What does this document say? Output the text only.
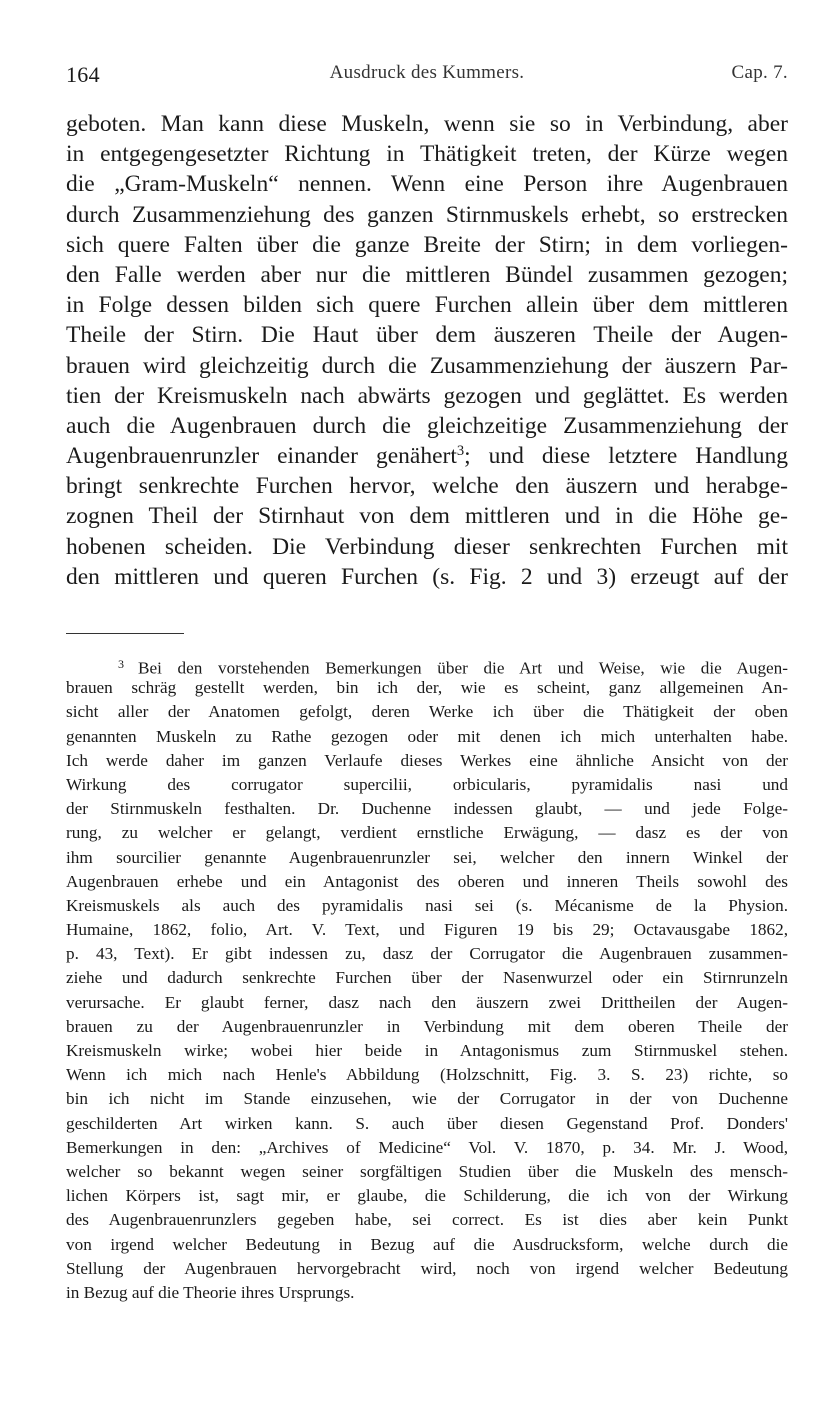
164	Ausdruck des Kummers.	Cap. 7.
geboten. Man kann diese Muskeln, wenn sie so in Verbindung, aber
in entgegengesetzter Richtung in Thätigkeit treten, der Kürze wegen
die „Gram-Muskeln“ nennen. Wenn eine Person ihre Augenbrauen
durch Zusammenziehung des ganzen Stirnmuskels erhebt, so erstrecken
sich quere Falten über die ganze Breite der Stirn; in dem vorliegen-
den Falle werden aber nur die mittleren Bündel zusammen gezogen;
in Folge dessen bilden sich quere Furchen allein über dem mittleren
Theile der Stirn. Die Haut über dem äuszeren Theile der Augen-
brauen wird gleichzeitig durch die Zusammenziehung der äuszern Par-
tien der Kreismuskeln nach abwärts gezogen und geglättet. Es werden
auch die Augenbrauen durch die gleichzeitige Zusammenziehung der
Augenbrauenrunzler einander genähert$^3$; und diese letztere Handlung
bringt senkrechte Furchen hervor, welche den äuszern und herabge-
zognen Theil der Stirnhaut von dem mittleren und in die Höhe ge-
hobenen scheiden. Die Verbindung dieser senkrechten Furchen mit
den mittleren und queren Furchen (s. Fig. 2 und 3) erzeugt auf der
$^3$ Bei den vorstehenden Bemerkungen über die Art und Weise, wie die Augen-
brauen schräg gestellt werden, bin ich der, wie es scheint, ganz allgemeinen An-
sicht aller der Anatomen gefolgt, deren Werke ich über die Thätigkeit der oben
genannten Muskeln zu Rathe gezogen oder mit denen ich mich unterhalten habe.
Ich werde daher im ganzen Verlaufe dieses Werkes eine ähnliche Ansicht von der
Wirkung des corrugator supercilii, orbicularis, pyramidalis nasi und
der Stirnmuskeln festhalten. Dr. Duchenne indessen glaubt, — und jede Folge-
rung, zu welcher er gelangt, verdient ernstliche Erwägung, — dasz es der von
ihm sourcilier genannte Augenbrauenrunzler sei, welcher den innern Winkel der
Augenbrauen erhebe und ein Antagonist des oberen und inneren Theils sowohl des
Kreismuskels als auch des pyramidalis nasi sei (s. Mécanisme de la Physion.
Humaine, 1862, folio, Art. V. Text, und Figuren 19 bis 29; Octavausgabe 1862,
p. 43, Text). Er gibt indessen zu, dasz der Corrugator die Augenbrauen zusammen-
ziehe und dadurch senkrechte Furchen über der Nasenwurzel oder ein Stirnrunzeln
verursache. Er glaubt ferner, dasz nach den äuszern zwei Drittheilen der Augen-
brauen zu der Augenbrauenrunzler in Verbindung mit dem oberen Theile der
Kreismuskeln wirke; wobei hier beide in Antagonismus zum Stirnmuskel stehen.
Wenn ich mich nach Henle's Abbildung (Holzschnitt, Fig. 3. S. 23) richte, so
bin ich nicht im Stande einzusehen, wie der Corrugator in der von Duchenne
geschilderten Art wirken kann. S. auch über diesen Gegenstand Prof. Donders'
Bemerkungen in den: „Archives of Medicine“ Vol. V. 1870, p. 34. Mr. J. Wood,
welcher so bekannt wegen seiner sorgfältigen Studien über die Muskeln des mensch-
lichen Körpers ist, sagt mir, er glaube, die Schilderung, die ich von der Wirkung
des Augenbrauenrunzlers gegeben habe, sei correct. Es ist dies aber kein Punkt
von irgend welcher Bedeutung in Bezug auf die Ausdrucksform, welche durch die
Stellung der Augenbrauen hervorgebracht wird, noch von irgend welcher Bedeutung
in Bezug auf die Theorie ihres Ursprungs.
